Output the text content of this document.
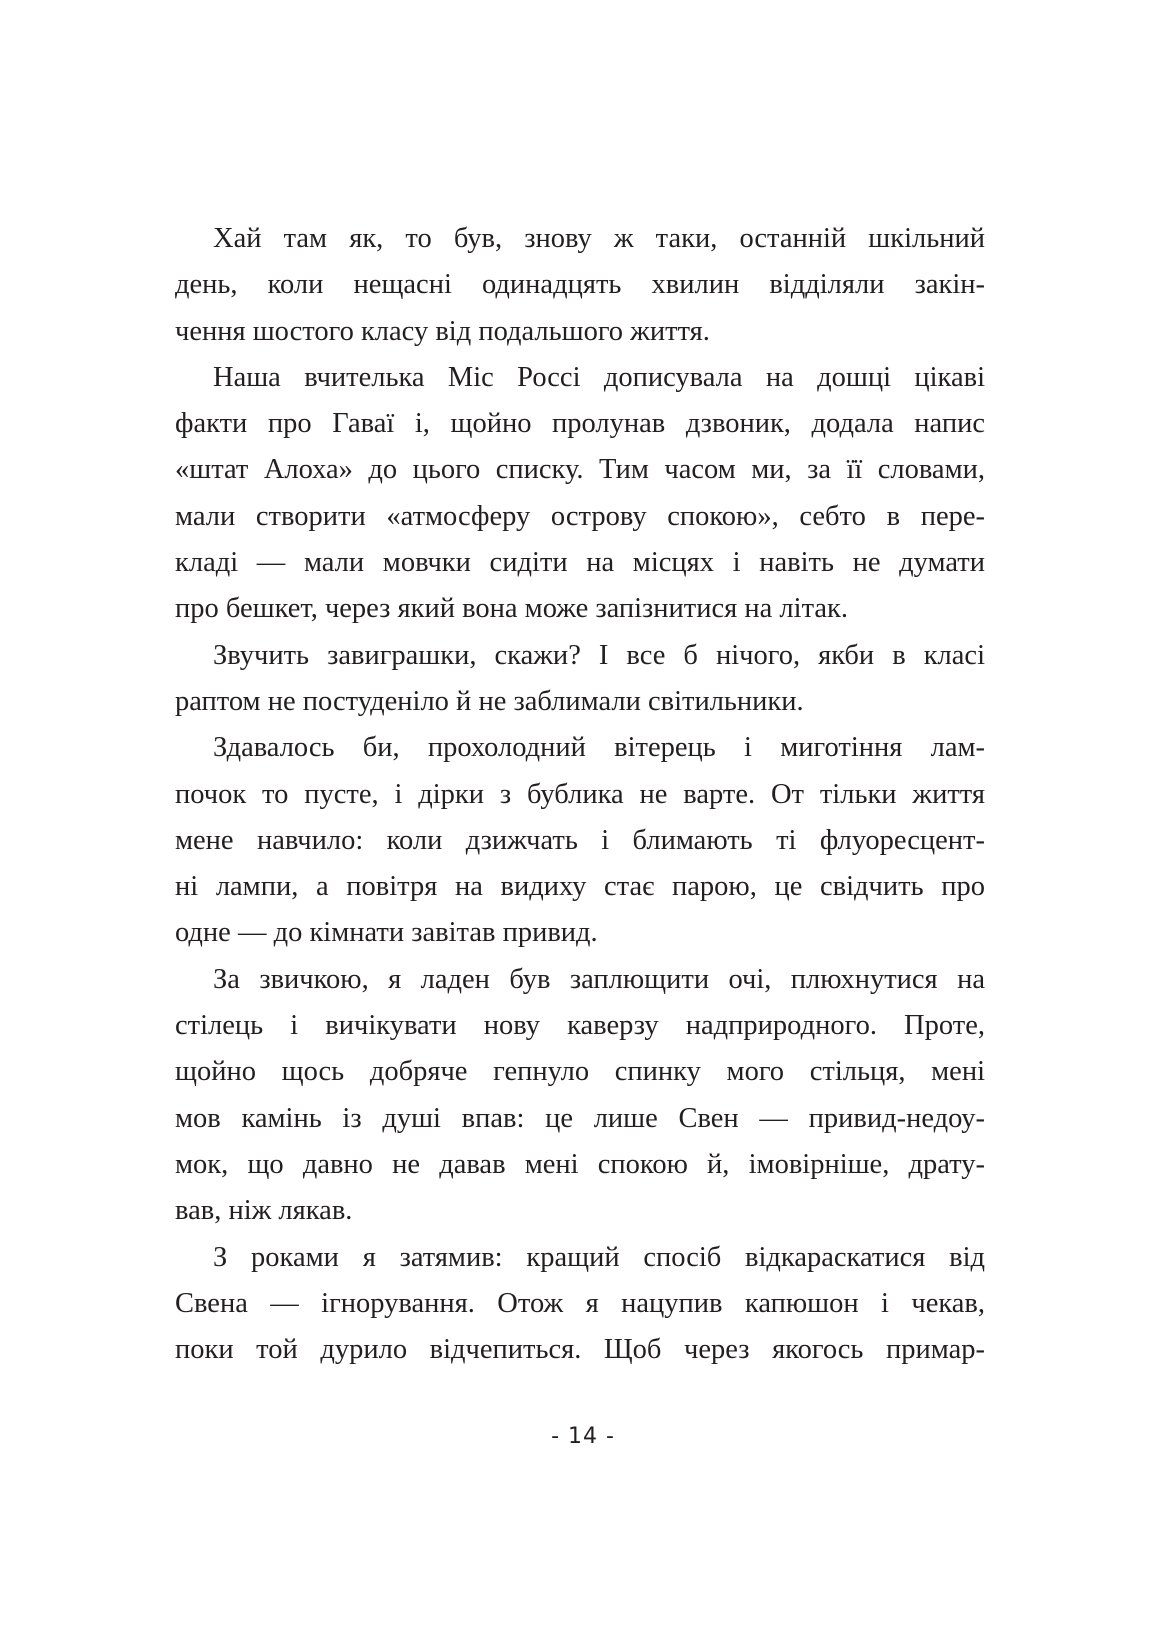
Хай там як, то був, знову ж таки, останній шкільний
день, коли нещасні одинадцять хвилин відділяли закін-
чення шостого класу від подальшого життя.
Наша вчителька Міс Россі дописувала на дошці цікаві
факти про Гаваї і, щойно пролунав дзвоник, додала напис
«штат Алоха» до цього списку. Тим часом ми, за її словами,
мали створити «атмосферу острову спокою», себто в пере-
кладі — мали мовчки сидіти на місцях і навіть не думати
про бешкет, через який вона може запізнитися на літак.
Звучить завиграшки, скажи? І все б нічого, якби в класі
раптом не постуденіло й не заблимали світильники.
Здавалось би, прохолодний вітерець і миготіння лам-
почок то пусте, і дірки з бублика не варте. От тільки життя
мене навчило: коли дзижчать і блимають ті флуоресцент-
ні лампи, а повітря на видиху стає парою, це свідчить про
одне — до кімнати завітав привид.
За звичкою, я ладен був заплющити очі, плюхнутися на
стілець і вичікувати нову каверзу надприродного. Проте,
щойно щось добряче гепнуло спинку мого стільця, мені
мов камінь із душі впав: це лише Свен — привид-недоу-
мок, що давно не давав мені спокою й, імовірніше, драту-
вав, ніж лякав.
З роками я затямив: кращий спосіб відкараскатися від
Свена — ігнорування. Отож я нацупив капюшон і чекав,
поки той дурило відчепиться. Щоб через якогось примар-
- 14 -
